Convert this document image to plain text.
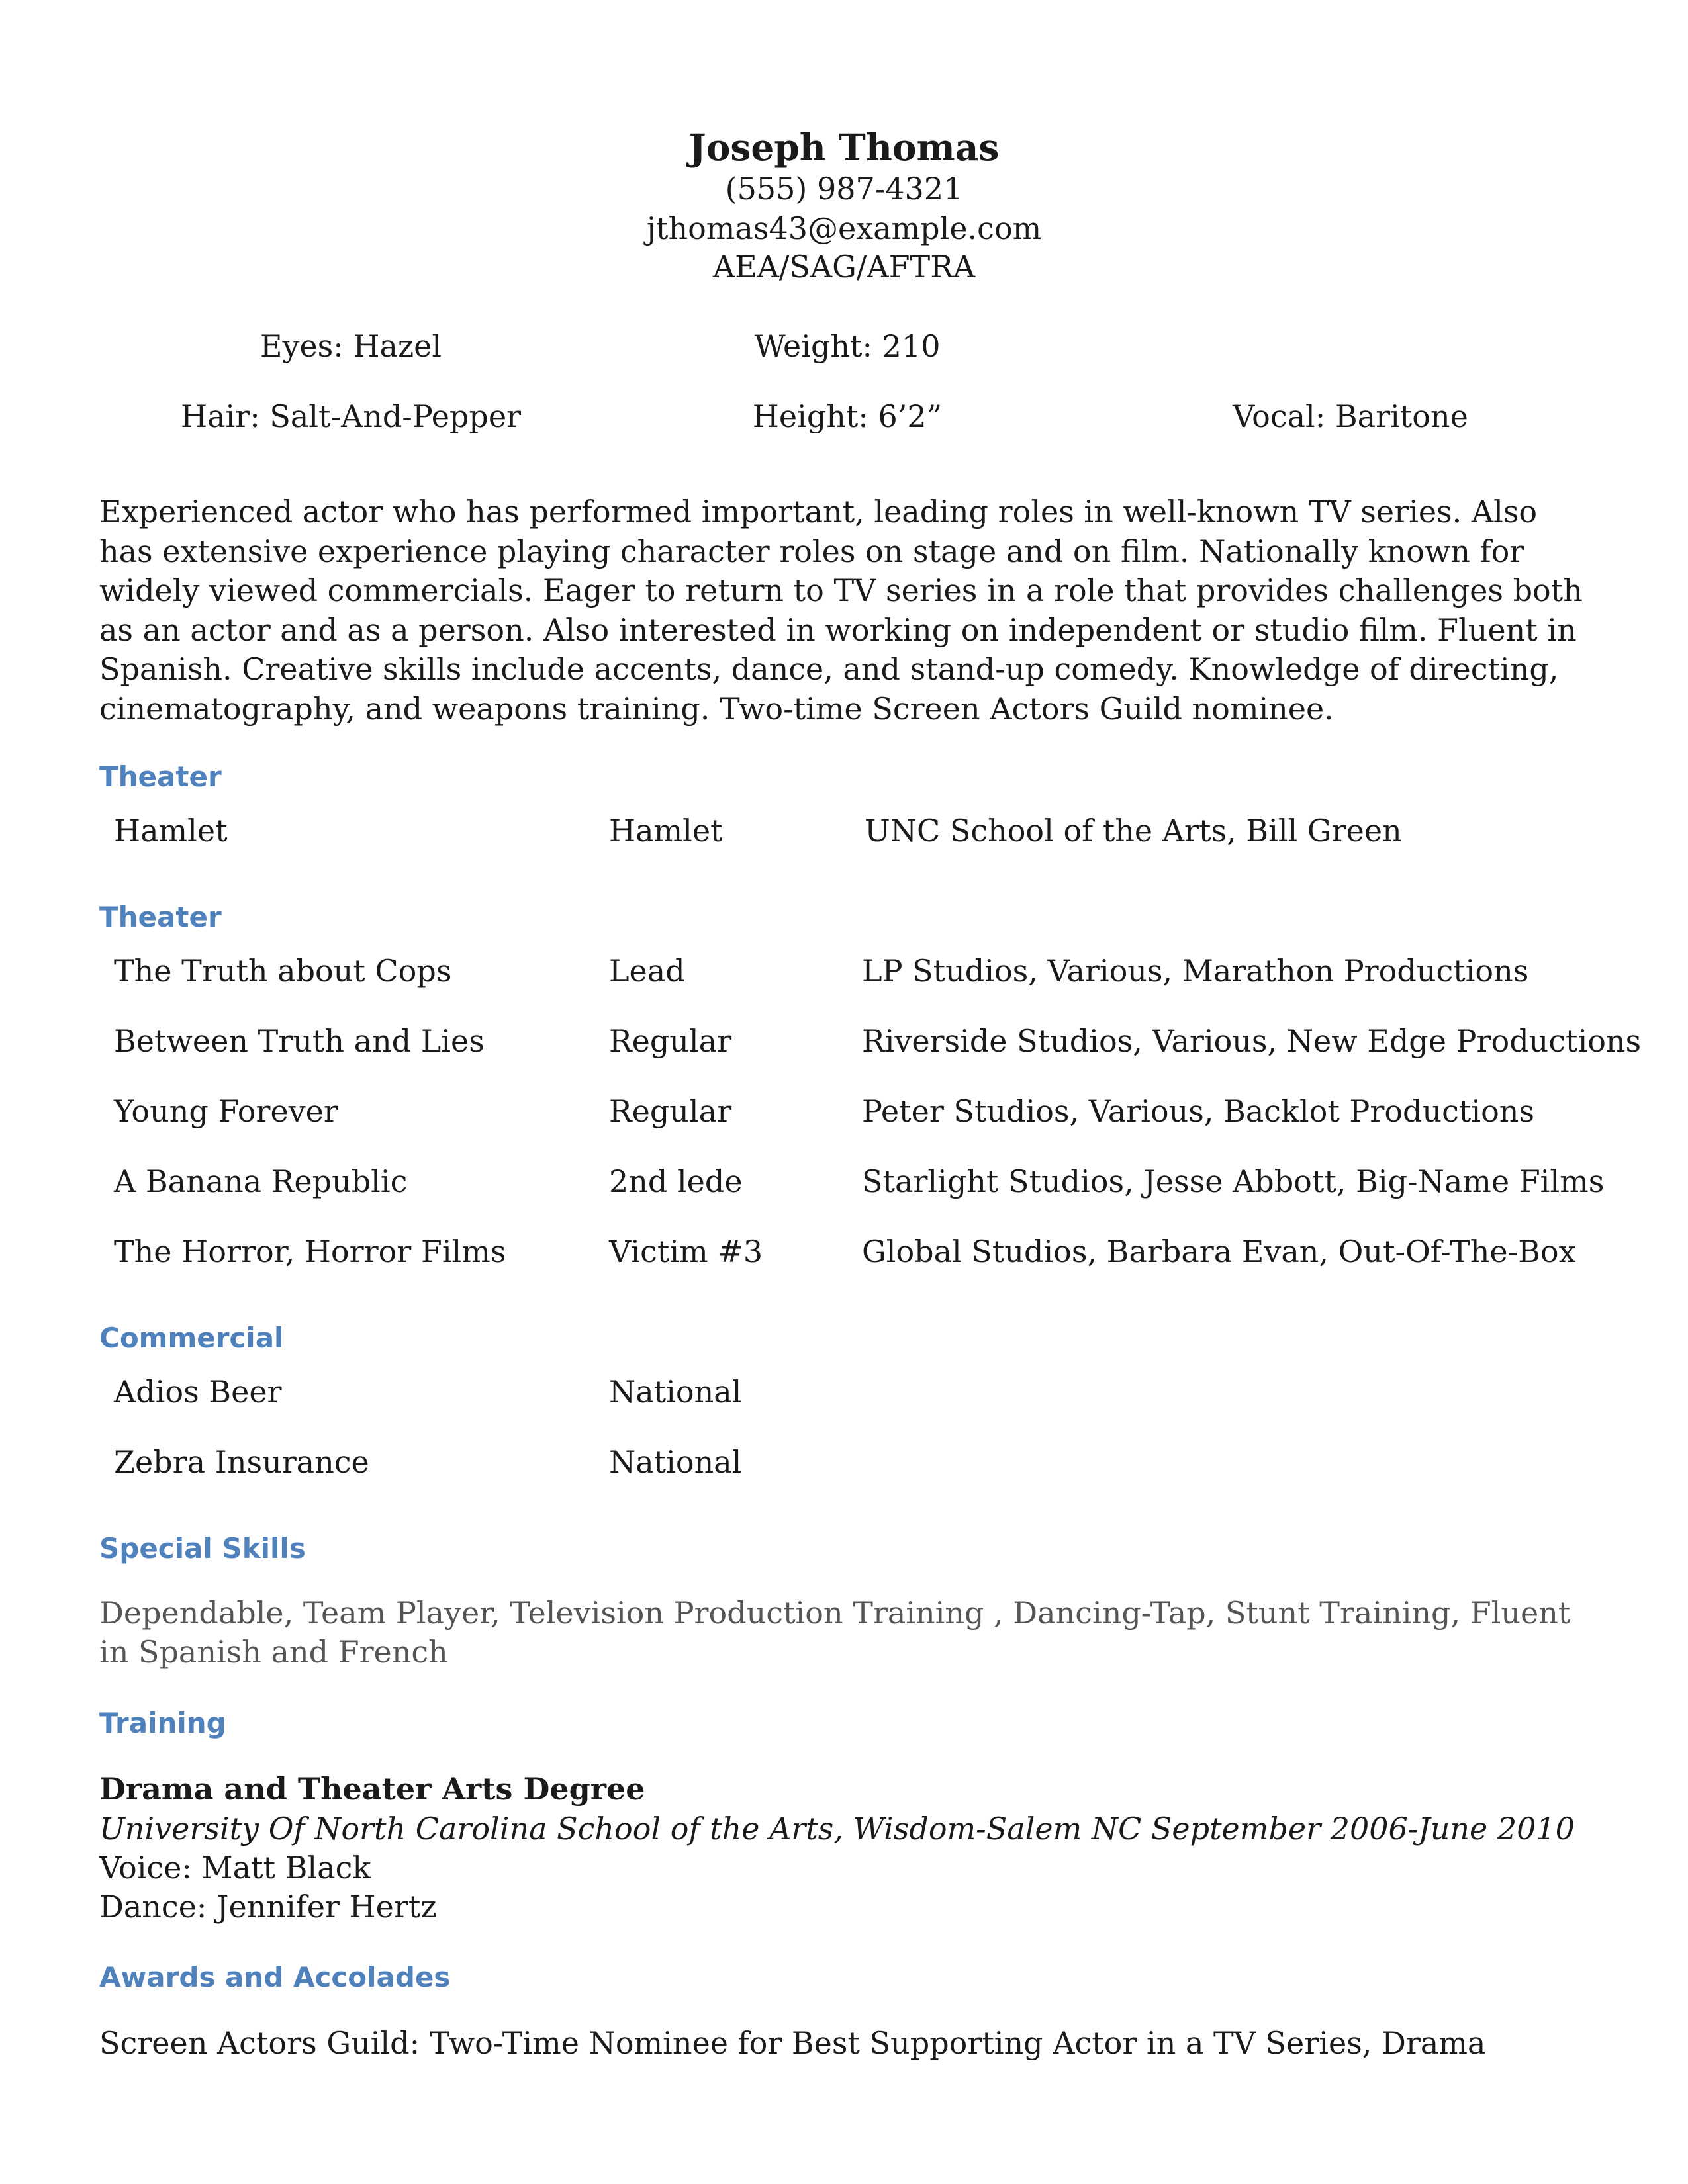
Joseph Thomas
(555) 987-4321
jthomas43@example.com
AEA/SAG/AFTRA
Eyes: Hazel	Weight: 210
Hair: Salt-And-Pepper	Height: 6’2”	Vocal: Baritone
Experienced actor who has performed important, leading roles in well-known TV series. Also has extensive experience playing character roles on stage and on film. Nationally known for widely viewed commercials. Eager to return to TV series in a role that provides challenges both as an actor and as a person. Also interested in working on independent or studio film. Fluent in Spanish. Creative skills include accents, dance, and stand-up comedy. Knowledge of directing, cinematography, and weapons training. Two-time Screen Actors Guild nominee.
Theater
Hamlet	Hamlet	UNC School of the Arts, Bill Green
Theater
The Truth about Cops	Lead	LP Studios, Various, Marathon Productions
Between Truth and Lies	Regular	Riverside Studios, Various, New Edge Productions
Young Forever	Regular	Peter Studios, Various, Backlot Productions
A Banana Republic	2nd lede	Starlight Studios, Jesse Abbott, Big-Name Films
The Horror, Horror Films	Victim #3	Global Studios, Barbara Evan, Out-Of-The-Box
Commercial
Adios Beer	National
Zebra Insurance	National
Special Skills
Dependable, Team Player, Television Production Training , Dancing-Tap, Stunt Training, Fluent in Spanish and French
Training
Drama and Theater Arts Degree
University Of North Carolina School of the Arts, Wisdom-Salem NC September 2006-June 2010
Voice: Matt Black
Dance: Jennifer Hertz
Awards and Accolades
Screen Actors Guild: Two-Time Nominee for Best Supporting Actor in a TV Series, Drama
